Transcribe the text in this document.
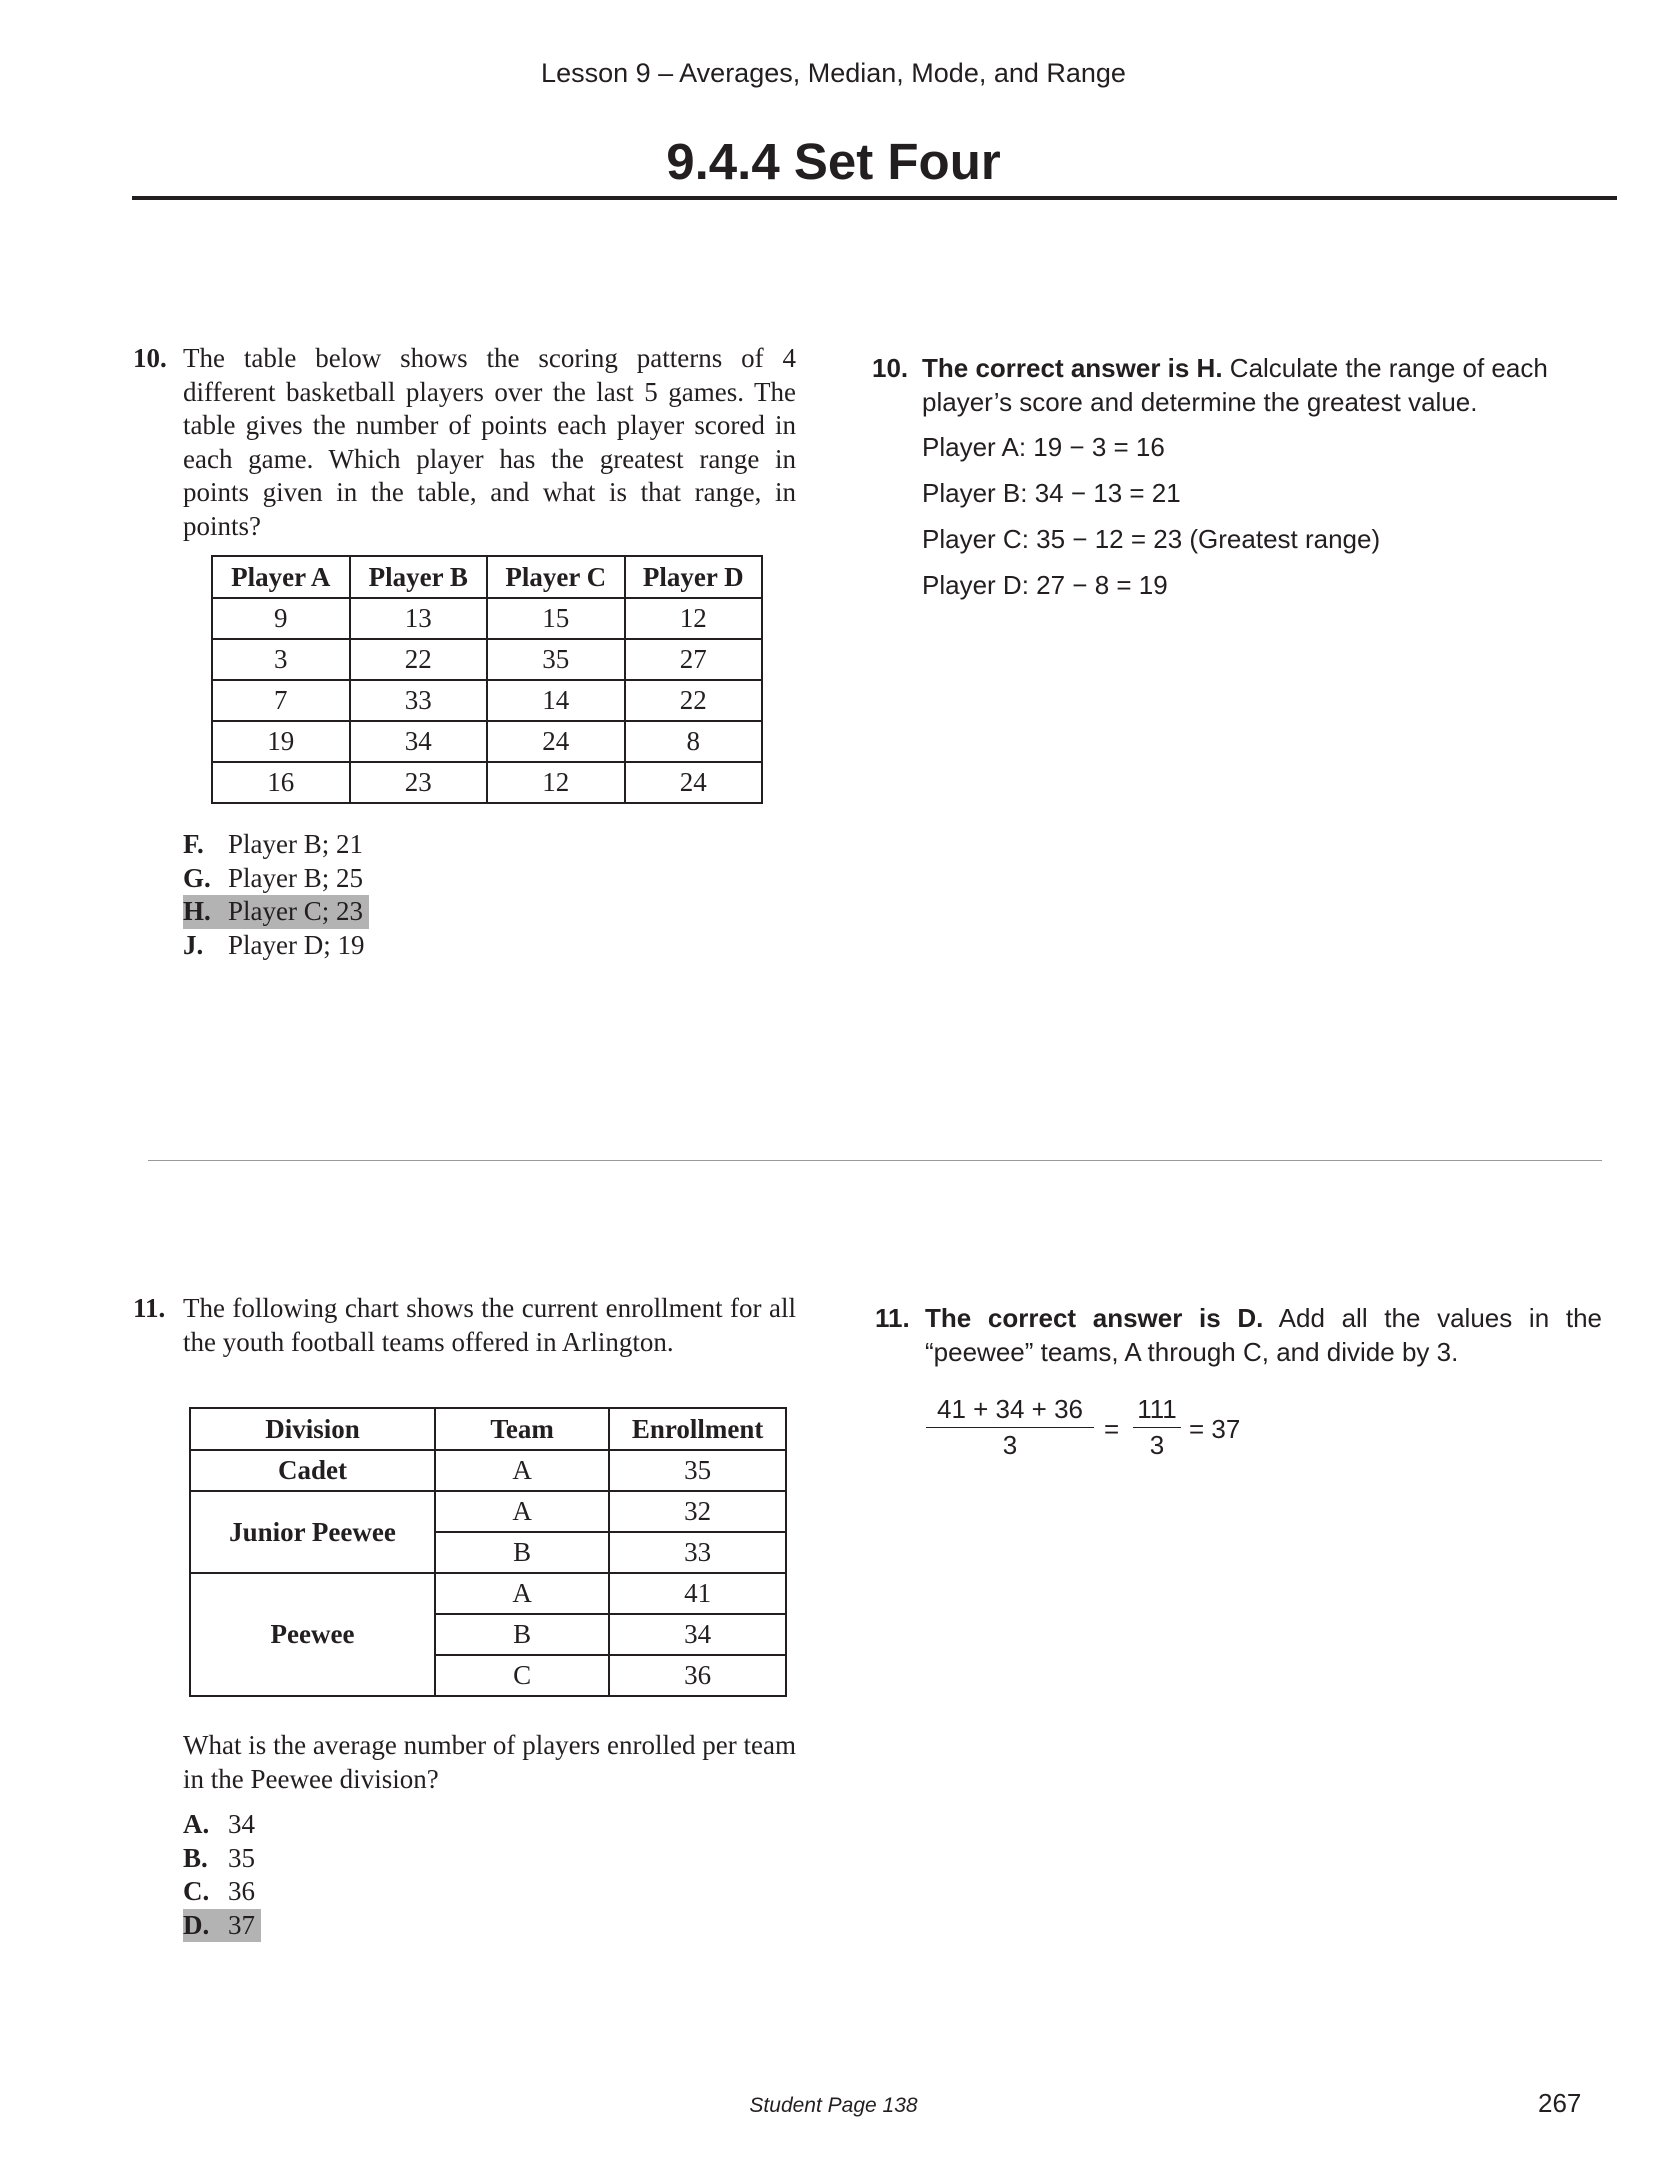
Lesson 9 – Averages, Median, Mode, and Range
9.4.4 Set Four
10. The table below shows the scoring patterns of 4 different basketball players over the last 5 games. The table gives the number of points each player scored in each game. Which player has the greatest range in points given in the table, and what is that range, in points?
Player A	Player B	Player C	Player D
9	13	15	12
3	22	35	27
7	33	14	22
19	34	24	8
16	23	12	24
F. Player B; 21
G. Player B; 25
H. Player C; 23
J. Player D; 19
10. The correct answer is H. Calculate the range of each player’s score and determine the greatest value.
Player A: 19 − 3 = 16
Player B: 34 − 13 = 21
Player C: 35 − 12 = 23 (Greatest range)
Player D: 27 − 8 = 19
11. The following chart shows the current enrollment for all the youth football teams offered in Arlington.
Division	Team	Enrollment
Cadet	A	35
Junior Peewee	A	32
	B	33
Peewee	A	41
	B	34
	C	36
What is the average number of players enrolled per team in the Peewee division?
A. 34
B. 35
C. 36
D. 37
11. The correct answer is D. Add all the values in the “peewee” teams, A through C, and divide by 3.
$\frac{41 + 34 + 36}{3} = \frac{111}{3} = 37$
Student Page 138	267
